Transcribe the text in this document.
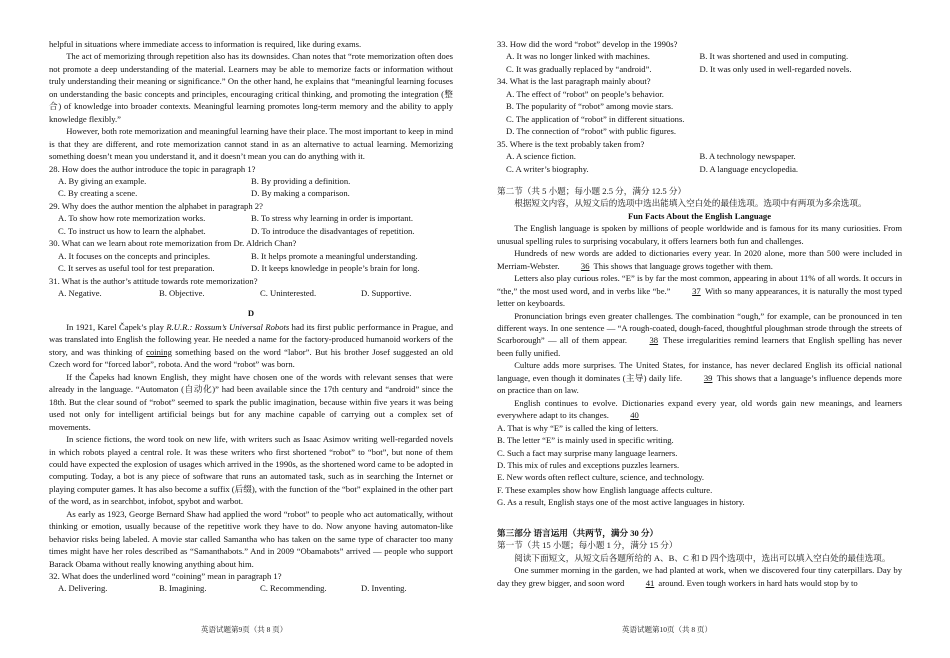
helpful in situations where immediate access to information is required, like during exams.

The act of memorizing through repetition also has its downsides. Chan notes that “rote memorization often does not promote a deep understanding of the material. Learners may be able to memorize facts or information without truly understanding their meaning or significance.” On the other hand, he explains that “meaningful learning focuses on understanding the basic concepts and principles, encouraging critical thinking, and promoting the integration (整合) of knowledge into broader contexts. Meaningful learning promotes long-term memory and the ability to apply knowledge flexibly.”

However, both rote memorization and meaningful learning have their place. The most important to keep in mind is that they are different, and rote memorization cannot stand in as an alternative to actual learning. Memorizing something doesn’t mean you understand it, and it doesn’t mean you can do anything with it.

28. How does the author introduce the topic in paragraph 1?

A. By giving an example.	B. By providing a definition.
C. By creating a scene.	D. By making a comparison.

29. Why does the author mention the alphabet in paragraph 2?

A. To show how rote memorization works.	B. To stress why learning in order is important.
C. To instruct us how to learn the alphabet.	D. To introduce the disadvantages of repetition.

30. What can we learn about rote memorization from Dr. Aldrich Chan?

A. It focuses on the concepts and principles.	B. It helps promote a meaningful understanding.
C. It serves as useful tool for test preparation.	D. It keeps knowledge in people’s brain for long.

31. What is the author’s attitude towards rote memorization?

A. Negative.	B. Objective.	C. Uninterested.	D. Supportive.
D

In 1921, Karel Čapek’s play R.U.R.: Rossum’s Universal Robots had its first public performance in Prague, and was translated into English the following year. He needed a name for the factory-produced humanoid workers of the story, and was thinking of coining something based on the word “labor”. But his brother Josef suggested an old Czech word for “forced labor”, robota. And the word “robot” was born.

If the Čapeks had known English, they might have chosen one of the words with relevant senses that were already in the language. “Automaton (自动化)” had been available since the 17th century and “android” since the 18th. But the clear sound of “robot” seemed to spark the public imagination, because within five years it was being used not only for intelligent artificial beings but for any machine capable of carrying out a complex set of movements.

In science fictions, the word took on new life, with writers such as Isaac Asimov writing well-regarded novels in which robots played a central role. It was these writers who first shortened “robot” to “bot”, but none of them could have expected the explosion of usages which arrived in the 1990s, as the shortened word came to be adopted in computing. Today, a bot is any piece of software that runs an automated task, such as in searching the Internet or playing computer games. It has also become a suffix (后缀), with the function of the “bot” explained in the other part of the word, as in searchbot, infobot, spybot and warbot.

As early as 1923, George Bernard Shaw had applied the word “robot” to people who act automatically, without thinking or emotion, usually because of the repetitive work they have to do. Now anyone having automaton-like behavior risks being labeled. A movie star called Samantha who has taken on the same type of character too many times might have her roles described as “Samanthabots.” And in 2009 “Obamabots” arrived — people who support Barack Obama without really knowing anything about him.

32. What does the underlined word “coining” mean in paragraph 1?

A. Delivering.	B. Imagining.	C. Recommending.	D. Inventing.

33. How did the word “robot” develop in the 1990s?

A. It was no longer linked with machines.	B. It was shortened and used in computing.
C. It was gradually replaced by “android”.	D. It was only used in well-regarded novels.

34. What is the last paragraph mainly about?

A. The effect of “robot” on people’s behavior.

B. The popularity of “robot” among movie stars.

C. The application of “robot” in different situations.

D. The connection of “robot” with public figures.

35. Where is the text probably taken from?

A. A science fiction.	B. A technology newspaper.
C. A writer’s biography.	D. A language encyclopedia.

第二节（共 5 小题；每小题 2.5 分，满分 12.5 分）

根据短文内容，从短文后的选项中选出能填入空白处的最佳选项。选项中有两项为多余选项。

Fun Facts About the English Language

The English language is spoken by millions of people worldwide and is famous for its many curiosities. From unusual spelling rules to surprising vocabulary, it offers learners both fun and challenges.

Hundreds of new words are added to dictionaries every year. In 2020 alone, more than 500 were included in Merriam-Webster. 36 This shows that language grows together with them.

Letters also play curious roles. “E” is by far the most common, appearing in about 11% of all words. It occurs in “the,” the most used word, and in verbs like “be.” 37 With so many appearances, it is naturally the most typed letter on keyboards.

Pronunciation brings even greater challenges. The combination “ough,” for example, can be pronounced in ten different ways. In one sentence — “A rough-coated, dough-faced, thoughtful ploughman strode through the streets of Scarborough” — all of them appear. 38 These irregularities remind learners that English spelling has never been fully unified.

Culture adds more surprises. The United States, for instance, has never declared English its official national language, even though it dominates (主导) daily life. 39 This shows that a language’s influence depends more on practice than on law.

English continues to evolve. Dictionaries expand every year, old words gain new meanings, and learners everywhere adapt to its changes. 40

A. That is why “E” is called the king of letters.

B. The letter “E” is mainly used in specific writing.

C. Such a fact may surprise many language learners.

D. This mix of rules and exceptions puzzles learners.

E. New words often reflect culture, science, and technology.

F. These examples show how English language affects culture.

G. As a result, English stays one of the most active languages in history.

第三部分 语言运用（共两节，满分 30 分）

第一节（共 15 小题；每小题 1 分，满分 15 分）

阅读下面短文，从短文后各题所给的 A、B、C 和 D 四个选项中，选出可以填入空白处的最佳选项。

One summer morning in the garden, we had planted at work, when we discovered four tiny caterpillars. Day by day they grew bigger, and soon word 41 around. Even tough workers in hard hats would stop by to

英语试题第9页（共 8 页）	英语试题第10页（共 8 页）
